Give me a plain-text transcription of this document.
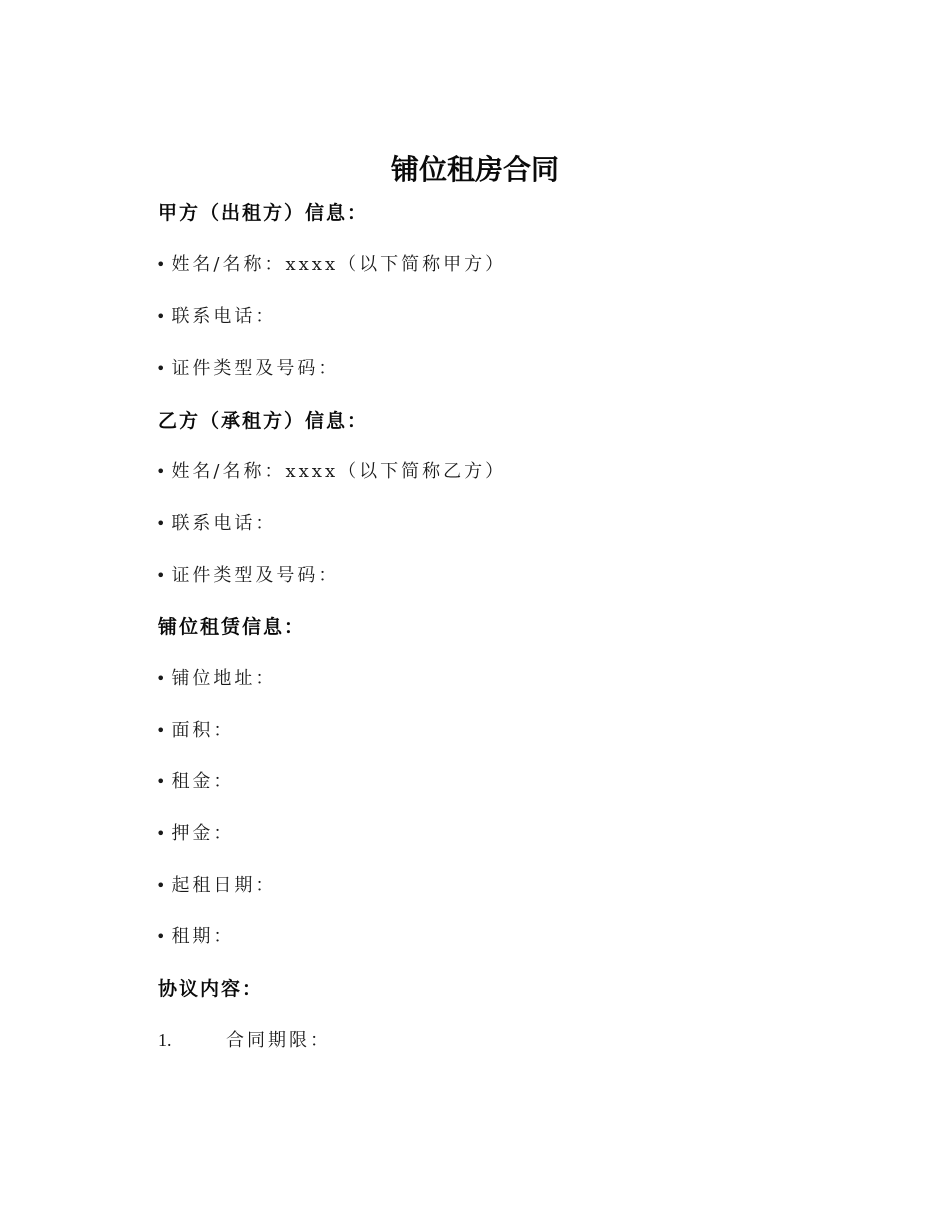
铺位租房合同
甲方（出租方）信息：
• 姓名/名称：xxxx（以下简称甲方）
• 联系电话：
• 证件类型及号码：
乙方（承租方）信息：
• 姓名/名称：xxxx（以下简称乙方）
• 联系电话：
• 证件类型及号码：
铺位租赁信息：
• 铺位地址：
• 面积：
• 租金：
• 押金：
• 起租日期：
• 租期：
协议内容：
1.	合同期限：
